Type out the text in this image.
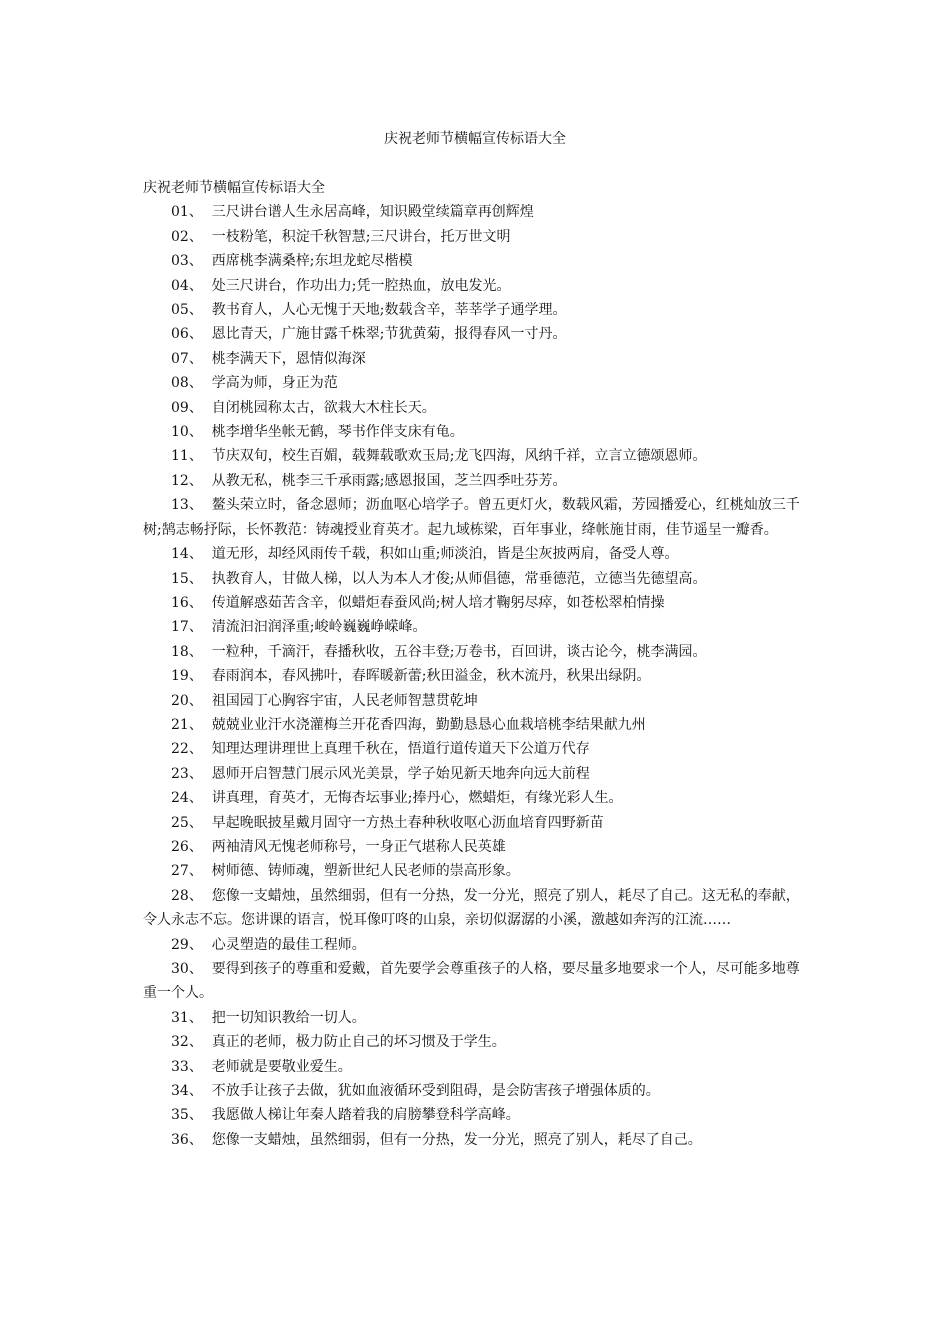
庆祝老师节横幅宣传标语大全
庆祝老师节横幅宣传标语大全
01、 三尺讲台谱人生永居高峰，知识殿堂续篇章再创辉煌
02、 一枝粉笔，积淀千秋智慧;三尺讲台，托万世文明
03、 西席桃李满桑梓;东坦龙蛇尽楷模
04、 处三尺讲台，作功出力;凭一腔热血，放电发光。
05、 教书育人，人心无愧于天地;数载含辛，莘莘学子通学理。
06、 恩比青天，广施甘露千株翠;节犹黄菊，报得春风一寸丹。
07、 桃李满天下，恩情似海深
08、 学高为师，身正为范
09、 自闭桃园称太古，欲栽大木柱长天。
10、 桃李增华坐帐无鹤，琴书作伴支床有龟。
11、 节庆双旬，校生百媚，载舞载歌欢玉局;龙飞四海，风纳千祥，立言立德颂恩师。
12、 从教无私，桃李三千承雨露;感恩报国，芝兰四季吐芬芳。
13、 鳌头荣立时，备念恩师；沥血呕心培学子。曾五更灯火，数载风霜，芳园播爱心，红桃灿放三千树;鹄志畅抒际，长怀教范：铸魂授业育英才。起九域栋梁，百年事业，绛帐施甘雨，佳节遥呈一瓣香。
14、 道无形，却经风雨传千载，积如山重;师淡泊，皆是尘灰披两肩，备受人尊。
15、 执教育人，甘做人梯，以人为本人才俊;从师倡德，常垂德范，立德当先德望高。
16、 传道解惑茹苦含辛，似蜡炬春蚕风尚;树人培才鞠躬尽瘁，如苍松翠柏情操
17、 清流汩汩润泽重;峻岭巍巍峥嵘峰。
18、 一粒种，千滴汗，春播秋收，五谷丰登;万卷书，百回讲，谈古论今，桃李满园。
19、 春雨润本，春风拂叶，春晖暖新蕾;秋田溢金，秋木流丹，秋果出绿阴。
20、 祖国园丁心胸容宇宙，人民老师智慧贯乾坤
21、 兢兢业业汗水浇灌梅兰开花香四海，勤勤恳恳心血栽培桃李结果献九州
22、 知理达理讲理世上真理千秋在，悟道行道传道天下公道万代存
23、 恩师开启智慧门展示风光美景，学子始见新天地奔向远大前程
24、 讲真理，育英才，无悔杏坛事业;捧丹心，燃蜡炬，有缘光彩人生。
25、 早起晚眠披星戴月固守一方热土春种秋收呕心沥血培育四野新苗
26、 两袖清风无愧老师称号，一身正气堪称人民英雄
27、 树师德、铸师魂，塑新世纪人民老师的崇高形象。
28、 您像一支蜡烛，虽然细弱，但有一分热，发一分光，照亮了别人，耗尽了自己。这无私的奉献，令人永志不忘。您讲课的语言，悦耳像叮咚的山泉，亲切似潺潺的小溪，激越如奔泻的江流……
29、 心灵塑造的最佳工程师。
30、 要得到孩子的尊重和爱戴，首先要学会尊重孩子的人格，要尽量多地要求一个人，尽可能多地尊重一个人。
31、 把一切知识教给一切人。
32、 真正的老师，极力防止自己的坏习惯及于学生。
33、 老师就是要敬业爱生。
34、 不放手让孩子去做，犹如血液循环受到阻碍，是会防害孩子增强体质的。
35、 我愿做人梯让年秦人踏着我的肩膀攀登科学高峰。
36、 您像一支蜡烛，虽然细弱，但有一分热，发一分光，照亮了别人，耗尽了自己。
